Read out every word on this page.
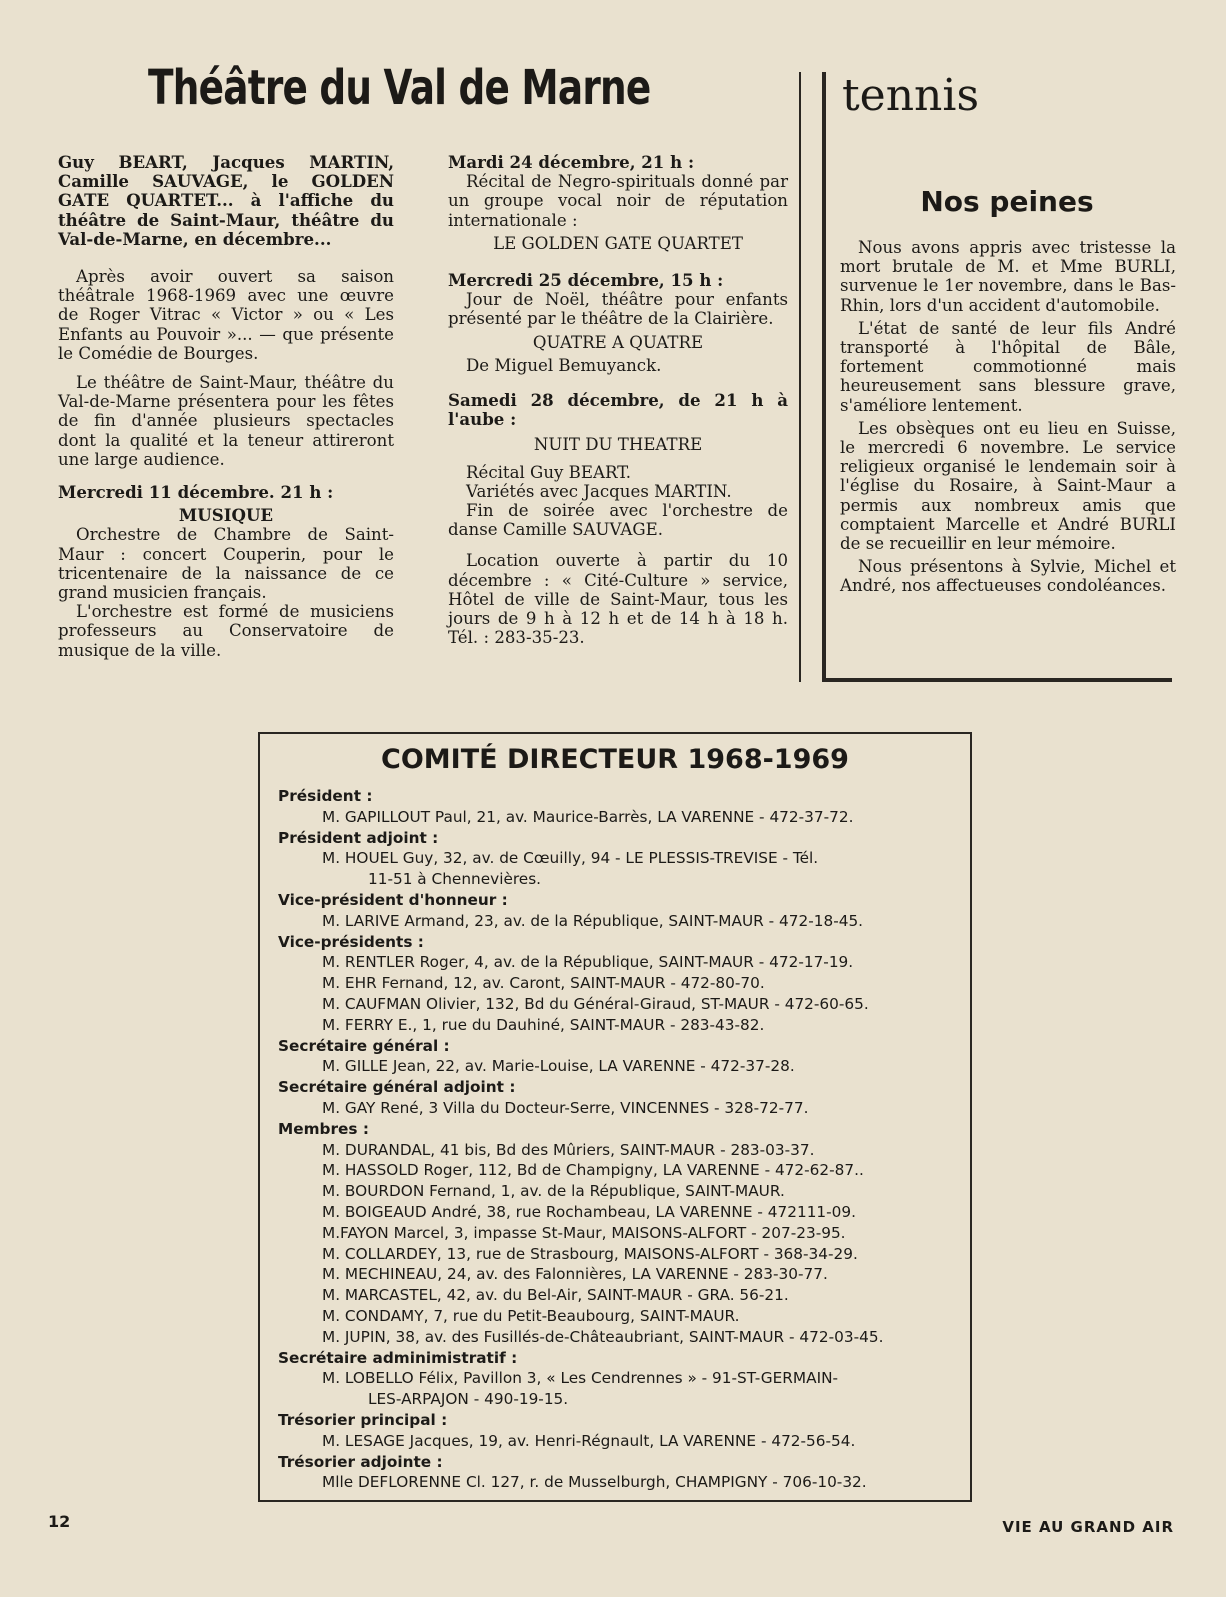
Théâtre du Val de Marne

Guy BEART, Jacques MARTIN, Camille SAUVAGE, le GOLDEN GATE QUARTET... à l'affiche du théâtre de Saint-Maur, théâtre du Val-de-Marne, en décembre...

Après avoir ouvert sa saison théâtrale 1968-1969 avec une œuvre de Roger Vitrac « Victor » ou « Les Enfants au Pouvoir »... — que présente le Comédie de Bourges.

Le théâtre de Saint-Maur, théâtre du Val-de-Marne présentera pour les fêtes de fin d'année plusieurs spectacles dont la qualité et la teneur attireront une large audience.

Mercredi 11 décembre. 21 h :

MUSIQUE

Orchestre de Chambre de Saint-Maur : concert Couperin, pour le tricentenaire de la naissance de ce grand musicien français.

L'orchestre est formé de musiciens professeurs au Conservatoire de musique de la ville.

Mardi 24 décembre, 21 h :

Récital de Negro-spirituals donné par un groupe vocal noir de réputation internationale :

LE GOLDEN GATE QUARTET

Mercredi 25 décembre, 15 h :

Jour de Noël, théâtre pour enfants présenté par le théâtre de la Clairière.

QUATRE A QUATRE

De Miguel Bemuyanck.

Samedi 28 décembre, de 21 h à l'aube :

NUIT DU THEATRE

Récital Guy BEART.

Variétés avec Jacques MARTIN.

Fin de soirée avec l'orchestre de danse Camille SAUVAGE.

Location ouverte à partir du 10 décembre : « Cité-Culture » service, Hôtel de ville de Saint-Maur, tous les jours de 9 h à 12 h et de 14 h à 18 h. Tél. : 283-35-23.

tennis
Nos peines

Nous avons appris avec tristesse la mort brutale de M. et Mme BURLI, survenue le 1er novembre, dans le Bas-Rhin, lors d'un accident d'automobile.

L'état de santé de leur fils André transporté à l'hôpital de Bâle, fortement commotionné mais heureusement sans blessure grave, s'améliore lentement.

Les obsèques ont eu lieu en Suisse, le mercredi 6 novembre. Le service religieux organisé le lendemain soir à l'église du Rosaire, à Saint-Maur a permis aux nombreux amis que comptaient Marcelle et André BURLI de se recueillir en leur mémoire.

Nous présentons à Sylvie, Michel et André, nos affectueuses condoléances.

COMITÉ DIRECTEUR 1968-1969
Président :
M. GAPILLOUT Paul, 21, av. Maurice-Barrès, LA VARENNE - 472-37-72.
Président adjoint :
M. HOUEL Guy, 32, av. de Cœuilly, 94 - LE PLESSIS-TREVISE - Tél.
11-51 à Chennevières.
Vice-président d'honneur :
M. LARIVE Armand, 23, av. de la République, SAINT-MAUR - 472-18-45.
Vice-présidents :
M. RENTLER Roger, 4, av. de la République, SAINT-MAUR - 472-17-19.
M. EHR Fernand, 12, av. Caront, SAINT-MAUR - 472-80-70.
M. CAUFMAN Olivier, 132, Bd du Général-Giraud, ST-MAUR - 472-60-65.
M. FERRY E., 1, rue du Dauhiné, SAINT-MAUR - 283-43-82.
Secrétaire général :
M. GILLE Jean, 22, av. Marie-Louise, LA VARENNE - 472-37-28.
Secrétaire général adjoint :
M. GAY René, 3 Villa du Docteur-Serre, VINCENNES - 328-72-77.
Membres :
M. DURANDAL, 41 bis, Bd des Mûriers, SAINT-MAUR - 283-03-37.
M. HASSOLD Roger, 112, Bd de Champigny, LA VARENNE - 472-62-87..
M. BOURDON Fernand, 1, av. de la République, SAINT-MAUR.
M. BOIGEAUD André, 38, rue Rochambeau, LA VARENNE - 472111-09.
M.FAYON Marcel, 3, impasse St-Maur, MAISONS-ALFORT - 207-23-95.
M. COLLARDEY, 13, rue de Strasbourg, MAISONS-ALFORT - 368-34-29.
M. MECHINEAU, 24, av. des Falonnières, LA VARENNE - 283-30-77.
M. MARCASTEL, 42, av. du Bel-Air, SAINT-MAUR - GRA. 56-21.
M. CONDAMY, 7, rue du Petit-Beaubourg, SAINT-MAUR.
M. JUPIN, 38, av. des Fusillés-de-Châteaubriant, SAINT-MAUR - 472-03-45.
Secrétaire adminimistratif :
M. LOBELLO Félix, Pavillon 3, « Les Cendrennes » - 91-ST-GERMAIN-
LES-ARPAJON - 490-19-15.
Trésorier principal :
M. LESAGE Jacques, 19, av. Henri-Régnault, LA VARENNE - 472-56-54.
Trésorier adjointe :
Mlle DEFLORENNE Cl. 127, r. de Musselburgh, CHAMPIGNY - 706-10-32.
12	VIE AU GRAND AIR
